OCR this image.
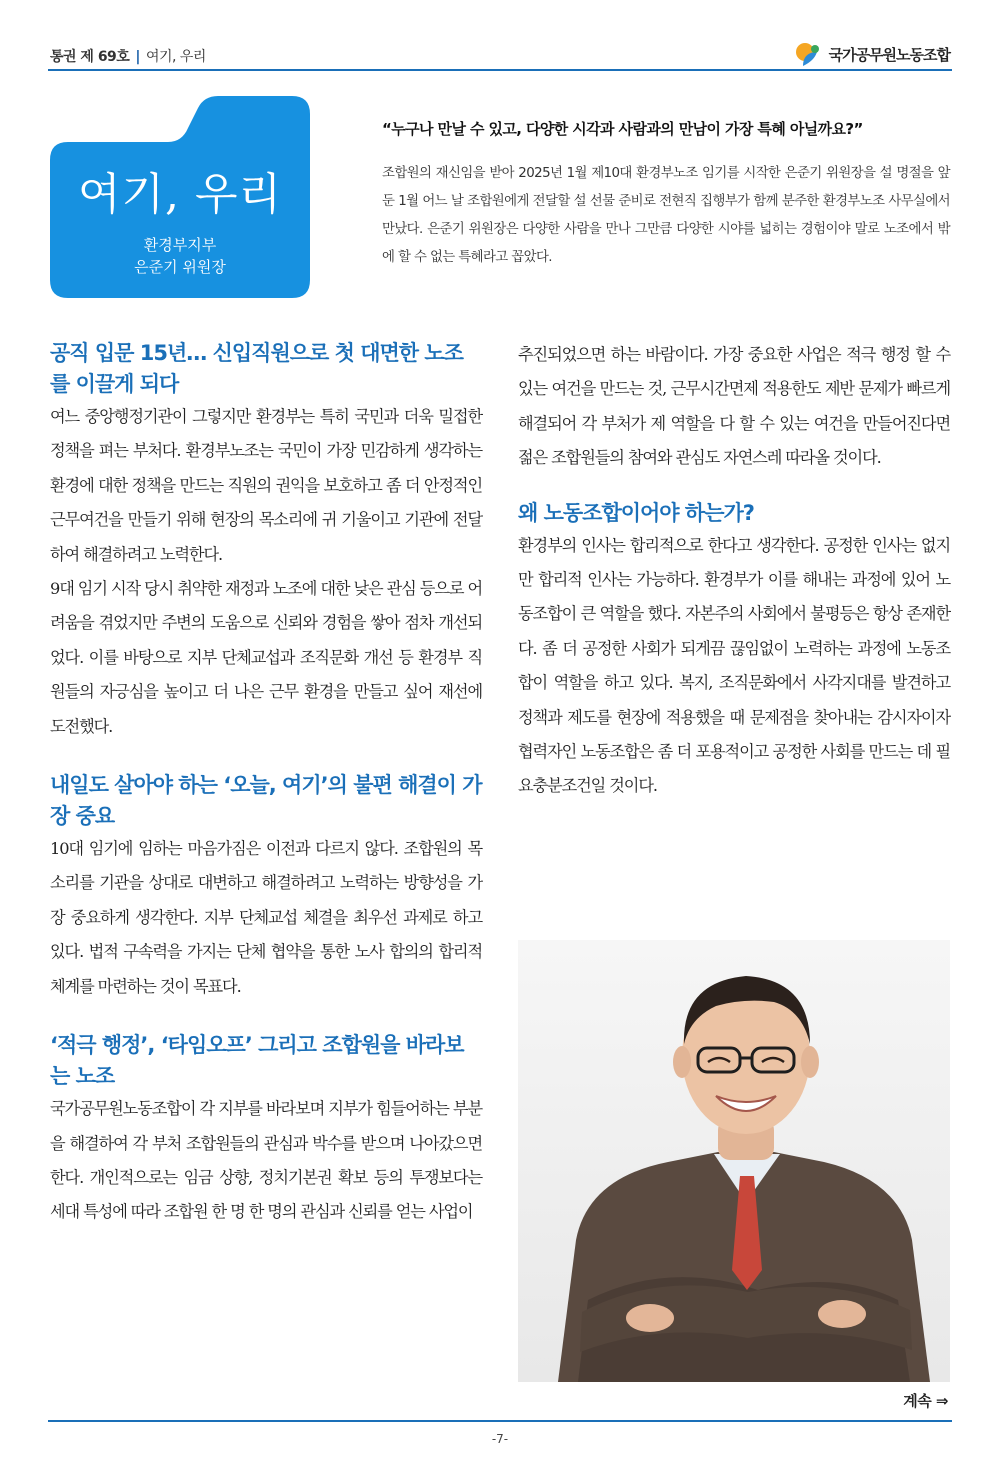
통권 제 69호 | 여기, 우리	국가공무원노동조합
여기, 우리
환경부지부
은준기 위원장
“누구나 만날 수 있고, 다양한 시각과 사람과의 만남이 가장 특혜 아닐까요?”
조합원의 재신임을 받아 2025년 1월 제10대 환경부노조 임기를 시작한 은준기 위원장을 설 명절을 앞둔 1월 어느 날 조합원에게 전달할 설 선물 준비로 전현직 집행부가 함께 분주한 환경부노조 사무실에서 만났다. 은준기 위원장은 다양한 사람을 만나 그만큼 다양한 시야를 넓히는 경험이야 말로 노조에서 밖에 할 수 없는 특혜라고 꼽았다.
공직 입문 15년… 신입직원으로 첫 대면한 노조를 이끌게 되다
여느 중앙행정기관이 그렇지만 환경부는 특히 국민과 더욱 밀접한 정책을 펴는 부처다. 환경부노조는 국민이 가장 민감하게 생각하는 환경에 대한 정책을 만드는 직원의 권익을 보호하고 좀 더 안정적인 근무여건을 만들기 위해 현장의 목소리에 귀 기울이고 기관에 전달하여 해결하려고 노력한다.
9대 임기 시작 당시 취약한 재정과 노조에 대한 낮은 관심 등으로 어려움을 겪었지만 주변의 도움으로 신뢰와 경험을 쌓아 점차 개선되었다. 이를 바탕으로 지부 단체교섭과 조직문화 개선 등 환경부 직원들의 자긍심을 높이고 더 나은 근무 환경을 만들고 싶어 재선에 도전했다.
내일도 살아야 하는 ‘오늘, 여기’의 불편 해결이 가장 중요
10대 임기에 임하는 마음가짐은 이전과 다르지 않다. 조합원의 목소리를 기관을 상대로 대변하고 해결하려고 노력하는 방향성을 가장 중요하게 생각한다. 지부 단체교섭 체결을 최우선 과제로 하고 있다. 법적 구속력을 가지는 단체 협약을 통한 노사 합의의 합리적 체계를 마련하는 것이 목표다.
‘적극 행정’, ‘타임오프’ 그리고 조합원을 바라보는 노조
국가공무원노동조합이 각 지부를 바라보며 지부가 힘들어하는 부분을 해결하여 각 부처 조합원들의 관심과 박수를 받으며 나아갔으면 한다. 개인적으로는 임금 상향, 정치기본권 확보 등의 투쟁보다는 세대 특성에 따라 조합원 한 명 한 명의 관심과 신뢰를 얻는 사업이
추진되었으면 하는 바람이다. 가장 중요한 사업은 적극 행정 할 수 있는 여건을 만드는 것, 근무시간면제 적용한도 제반 문제가 빠르게 해결되어 각 부처가 제 역할을 다 할 수 있는 여건을 만들어진다면 젊은 조합원들의 참여와 관심도 자연스레 따라올 것이다.
왜 노동조합이어야 하는가?
환경부의 인사는 합리적으로 한다고 생각한다. 공정한 인사는 없지만 합리적 인사는 가능하다. 환경부가 이를 해내는 과정에 있어 노동조합이 큰 역할을 했다. 자본주의 사회에서 불평등은 항상 존재한다. 좀 더 공정한 사회가 되게끔 끊임없이 노력하는 과정에 노동조합이 역할을 하고 있다. 복지, 조직문화에서 사각지대를 발견하고 정책과 제도를 현장에 적용했을 때 문제점을 찾아내는 감시자이자 협력자인 노동조합은 좀 더 포용적이고 공정한 사회를 만드는 데 필요충분조건일 것이다.
계속 ⇒
-7-
